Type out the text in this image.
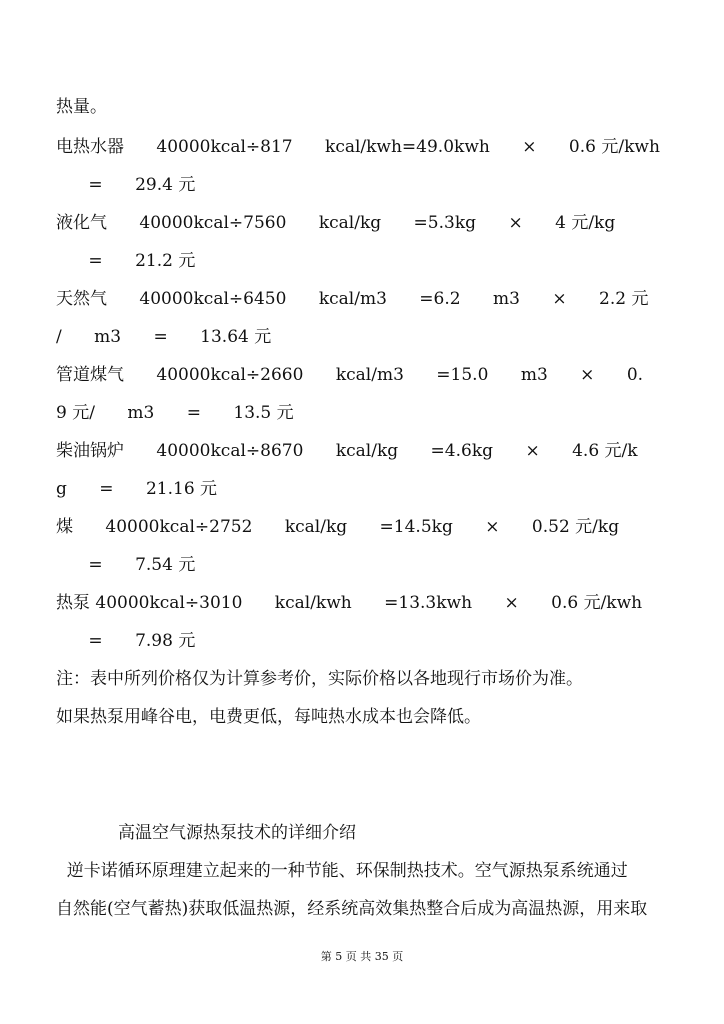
热量。
电热水器      40000kcal÷817      kcal/kwh=49.0kwh      ×      0.6 元/kwh
=      29.4 元
液化气      40000kcal÷7560      kcal/kg      =5.3kg      ×      4 元/kg
=      21.2 元
天然气      40000kcal÷6450      kcal/m3      =6.2      m3      ×      2.2 元
/      m3      =      13.64 元
管道煤气      40000kcal÷2660      kcal/m3      =15.0      m3      ×      0.
9 元/      m3      =      13.5 元
柴油锅炉      40000kcal÷8670      kcal/kg      =4.6kg      ×      4.6 元/k
g      =      21.16 元
煤      40000kcal÷2752      kcal/kg      =14.5kg      ×      0.52 元/kg
=      7.54 元
热泵 40000kcal÷3010      kcal/kwh      =13.3kwh      ×      0.6 元/kwh
=      7.98 元
注：表中所列价格仅为计算参考价，实际价格以各地现行市场价为准。
如果热泵用峰谷电，电费更低，每吨热水成本也会降低。
高温空气源热泵技术的详细介绍
逆卡诺循环原理建立起来的一种节能、环保制热技术。空气源热泵系统通过
自然能(空气蓄热)获取低温热源，经系统高效集热整合后成为高温热源，用来取
第 5 页 共 35 页
